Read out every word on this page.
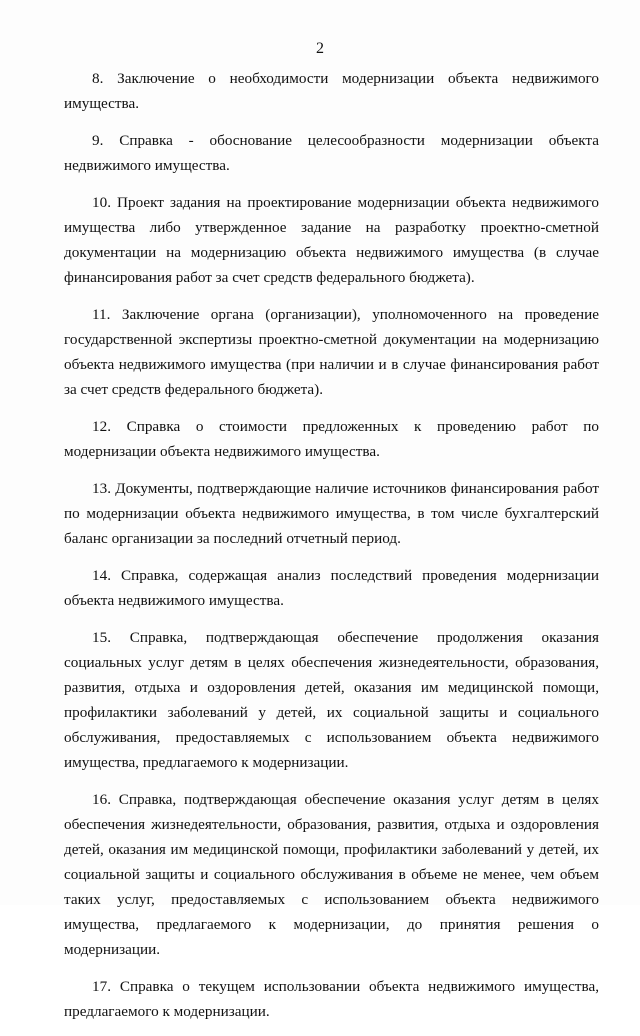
2

8. Заключение о необходимости модернизации объекта недвижимого имущества.

9. Справка - обоснование целесообразности модернизации объекта недвижимого имущества.

10. Проект задания на проектирование модернизации объекта недвижимого имущества либо утвержденное задание на разработку проектно-сметной документации на модернизацию объекта недвижимого имущества (в случае финансирования работ за счет средств федерального бюджета).

11. Заключение органа (организации), уполномоченного на проведение государственной экспертизы проектно-сметной документации на модернизацию объекта недвижимого имущества (при наличии и в случае финансирования работ за счет средств федерального бюджета).

12. Справка о стоимости предложенных к проведению работ по модернизации объекта недвижимого имущества.

13. Документы, подтверждающие наличие источников финансирования работ по модернизации объекта недвижимого имущества, в том числе бухгалтерский баланс организации за последний отчетный период.

14. Справка, содержащая анализ последствий проведения модернизации объекта недвижимого имущества.

15. Справка, подтверждающая обеспечение продолжения оказания социальных услуг детям в целях обеспечения жизнедеятельности, образования, развития, отдыха и оздоровления детей, оказания им медицинской помощи, профилактики заболеваний у детей, их социальной защиты и социального обслуживания, предоставляемых с использованием объекта недвижимого имущества, предлагаемого к модернизации.

16. Справка, подтверждающая обеспечение оказания услуг детям в целях обеспечения жизнедеятельности, образования, развития, отдыха и оздоровления детей, оказания им медицинской помощи, профилактики заболеваний у детей, их социальной защиты и социального обслуживания в объеме не менее, чем объем таких услуг, предоставляемых с использованием объекта недвижимого имущества, предлагаемого к модернизации, до принятия решения о модернизации.

17. Справка о текущем использовании объекта недвижимого имущества, предлагаемого к модернизации.
